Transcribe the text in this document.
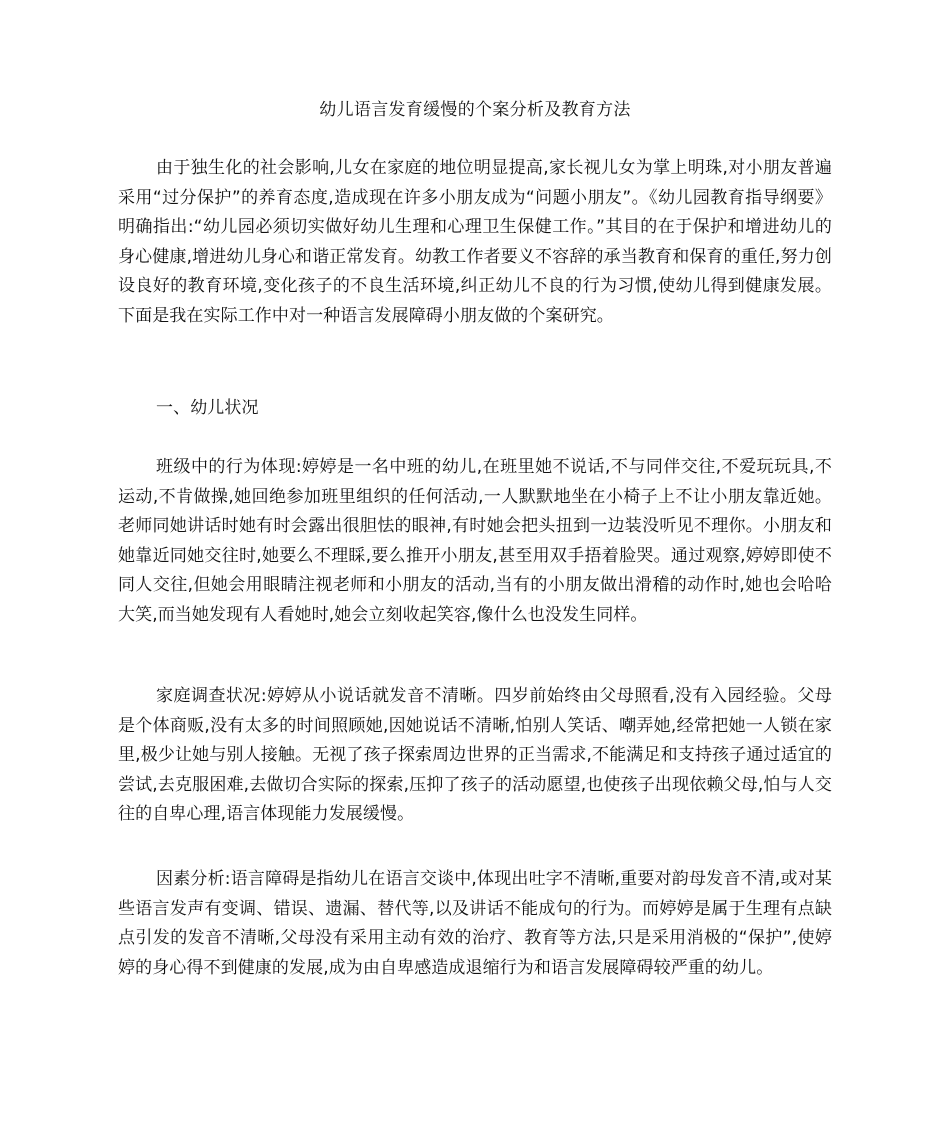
幼儿语言发育缓慢的个案分析及教育方法

由于独生化的社会影响,儿女在家庭的地位明显提高,家长视儿女为掌上明珠,对小朋友普遍采用“过分保护”的养育态度,造成现在许多小朋友成为“问题小朋友”。《幼儿园教育指导纲要》明确指出:“幼儿园必须切实做好幼儿生理和心理卫生保健工作。”其目的在于保护和增进幼儿的身心健康,增进幼儿身心和谐正常发育。幼教工作者要义不容辞的承当教育和保育的重任,努力创设良好的教育环境,变化孩子的不良生活环境,纠正幼儿不良的行为习惯,使幼儿得到健康发展。下面是我在实际工作中对一种语言发展障碍小朋友做的个案研究。

一、幼儿状况

班级中的行为体现:婷婷是一名中班的幼儿,在班里她不说话,不与同伴交往,不爱玩玩具,不运动,不肯做操,她回绝参加班里组织的任何活动,一人默默地坐在小椅子上不让小朋友靠近她。老师同她讲话时她有时会露出很胆怯的眼神,有时她会把头扭到一边装没听见不理你。小朋友和她靠近同她交往时,她要么不理睬,要么推开小朋友,甚至用双手捂着脸哭。通过观察,婷婷即使不同人交往,但她会用眼睛注视老师和小朋友的活动,当有的小朋友做出滑稽的动作时,她也会哈哈大笑,而当她发现有人看她时,她会立刻收起笑容,像什么也没发生同样。

家庭调查状况:婷婷从小说话就发音不清晰。四岁前始终由父母照看,没有入园经验。父母是个体商贩,没有太多的时间照顾她,因她说话不清晰,怕别人笑话、嘲弄她,经常把她一人锁在家里,极少让她与别人接触。无视了孩子探索周边世界的正当需求,不能满足和支持孩子通过适宜的尝试,去克服困难,去做切合实际的探索,压抑了孩子的活动愿望,也使孩子出现依赖父母,怕与人交往的自卑心理,语言体现能力发展缓慢。

因素分析:语言障碍是指幼儿在语言交谈中,体现出吐字不清晰,重要对韵母发音不清,或对某些语言发声有变调、错误、遗漏、替代等,以及讲话不能成句的行为。而婷婷是属于生理有点缺点引发的发音不清晰,父母没有采用主动有效的治疗、教育等方法,只是采用消极的“保护”,使婷婷的身心得不到健康的发展,成为由自卑感造成退缩行为和语言发展障碍较严重的幼儿。
